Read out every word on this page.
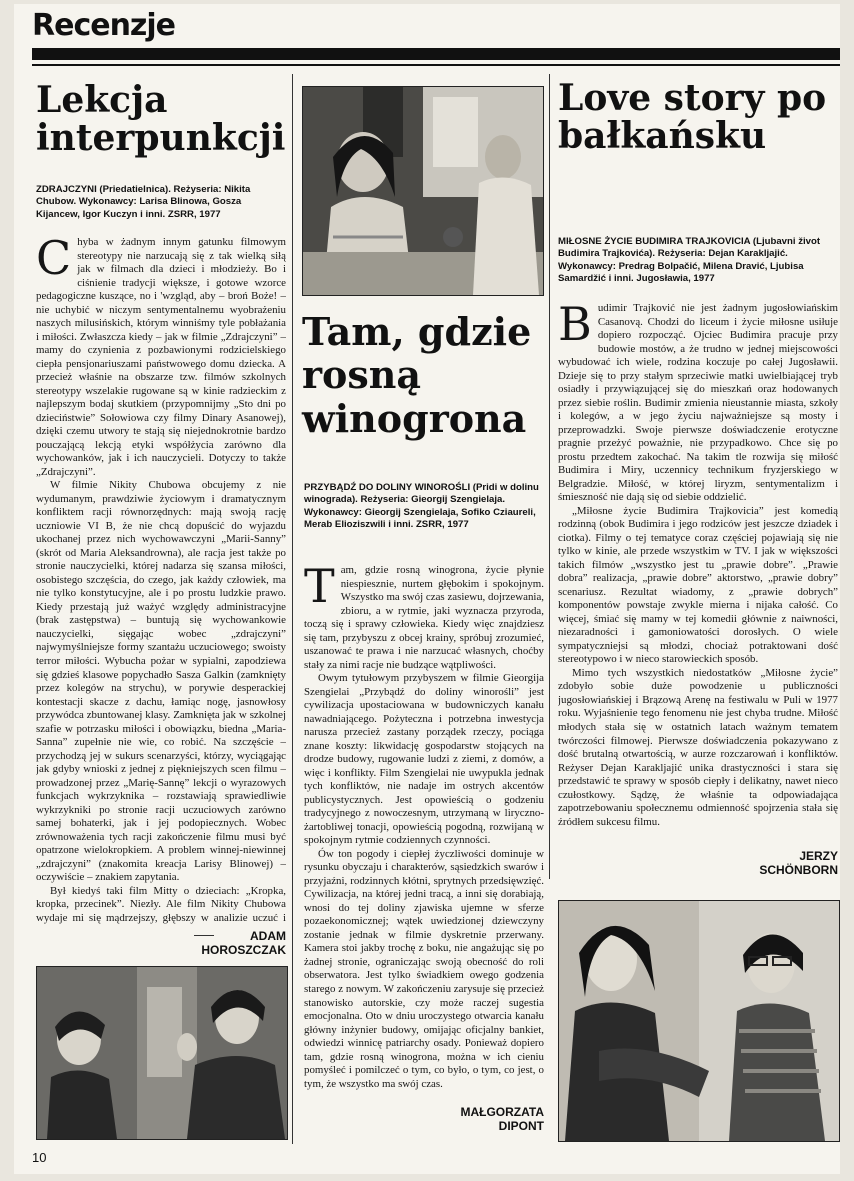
Recenzje
Lekcja interpunkcji

ZDRAJCZYNI (Priedatielnica). Reżyseria: Nikita Chubow. Wykonawcy: Larisa Blinowa, Gosza Kijancew, Igor Kuczyn i inni. ZSRR, 1977

Chyba w żadnym innym gatunku filmowym stereotypy nie narzucają się z tak wielką siłą jak w filmach dla dzieci i młodzieży. Bo i ciśnienie tradycji większe, i gotowe wzorce pedagogiczne kuszące, no i 'wzgląd, aby – broń Boże! – nie uchybić w niczym sentymentalnemu wyobrażeniu naszych milusińskich, którym winniśmy tyle pobłażania i miłości. Zwłaszcza kiedy – jak w filmie „Zdrajczyni” – mamy do czynienia z pozbawionymi rodzicielskiego ciepła pensjonariuszami państwowego domu dziecka. A przecież właśnie na obszarze tzw. filmów szkolnych stereotypy wszelakie rugowane są w kinie radzieckim z najlepszym bodaj skutkiem (przypomnijmy „Sto dni po dzieciństwie” Sołowiowa czy filmy Dinary Asanowej), dzięki czemu utwory te stają się niejednokrotnie bardzo pouczającą lekcją etyki współżycia zarówno dla wychowanków, jak i ich nauczycieli. Dotyczy to także „Zdrajczyni”.

W filmie Nikity Chubowa obcujemy z nie wydumanym, prawdziwie życiowym i dramatycznym konfliktem racji równorzędnych: mają swoją rację uczniowie VI B, że nie chcą dopuścić do wyjazdu ukochanej przez nich wychowawczyni „Marii-Sanny” (skrót od Maria Aleksandrowna), ale racja jest także po stronie nauczycielki, której nadarza się szansa miłości, osobistego szczęścia, do czego, jak każdy człowiek, ma nie tylko konstytucyjne, ale i po prostu ludzkie prawo. Kiedy przestają już ważyć względy administracyjne (brak zastępstwa) – buntują się wychowankowie nauczycielki, sięgając wobec „zdrajczyni” najwymyślniejsze formy szantażu uczuciowego; swoisty terror miłości. Wybucha pożar w sypialni, zapodziewa się gdzieś klasowe popychadło Sasza Galkin (zamknięty przez kolegów na strychu), w porywie desperackiej kontestacji skacze z dachu, łamiąc nogę, jasnowłosy przywódca zbuntowanej klasy. Zamknięta jak w szkolnej szafie w potrzasku miłości i obowiązku, biedna „Maria-Sanna” zupełnie nie wie, co robić. Na szczęście – przychodzą jej w sukurs scenarzyści, którzy, wyciągając jak gdyby wnioski z jednej z piękniejszych scen filmu – prowadzonej przez „Marię-Sannę” lekcji o wyrazowych funkcjach wykrzyknika – rozstawiają sprawiedliwie wykrzykniki po stronie racji uczuciowych zarówno samej bohaterki, jak i jej podopiecznych. Wobec zrównoważenia tych racji zakończenie filmu musi być opatrzone wielokropkiem. A problem winnej-niewinnej „zdrajczyni” (znakomita kreacja Larisy Blinowej) – oczywiście – znakiem zapytania.

Był kiedyś taki film Mitty o dzieciach: „Kropka, kropka, przecinek”. Niezły. Ale film Nikity Chubowa wydaje mi się mądrzejszy, głębszy w analizie uczuć i

ADAM
HOROSZCZAK
Tam, gdzie rosną winogrona

PRZYBĄDŹ DO DOLINY WINOROŚLI (Pridi w dolinu winograda). Reżyseria: Gieorgij Szengielaja. Wykonawcy: Gieorgij Szengielaja, Sofiko Cziaureli, Merab Elioziszwili i inni. ZSRR, 1977

Tam, gdzie rosną winogrona, życie płynie niespiesznie, nurtem głębokim i spokojnym. Wszystko ma swój czas zasiewu, dojrzewania, zbioru, a w rytmie, jaki wyznacza przyroda, toczą się i sprawy człowieka. Kiedy więc znajdziesz się tam, przybyszu z obcej krainy, spróbuj zrozumieć, uszanować te prawa i nie narzucać własnych, choćby stały za nimi racje nie budzące wątpliwości.

Owym tytułowym przybyszem w filmie Gieorgija Szengielai „Przybądź do doliny winorośli” jest cywilizacja upostaciowana w budowniczych kanału nawadniającego. Pożyteczna i potrzebna inwestycja narusza przecież zastany porządek rzeczy, pociąga znane koszty: likwidację gospodarstw stojących na drodze budowy, rugowanie ludzi z ziemi, z domów, a więc i konflikty. Film Szengielai nie uwypukla jednak tych konfliktów, nie nadaje im ostrych akcentów publicystycznych. Jest opowieścią o godzeniu tradycyjnego z nowoczesnym, utrzymaną w liryczno-żartobliwej tonacji, opowieścią pogodną, rozwijaną w spokojnym rytmie codziennych czynności.

Ów ton pogody i ciepłej życzliwości dominuje w rysunku obyczaju i charakterów, sąsiedzkich swarów i przyjaźni, rodzinnych kłótni, sprytnych przedsięwzięć. Cywilizacja, na której jedni tracą, a inni się dorabiają, wnosi do tej doliny zjawiska ujemne w sferze pozaekonomicznej; wątek uwiedzionej dziewczyny zostanie jednak w filmie dyskretnie przerwany. Kamera stoi jakby trochę z boku, nie angażując się po żadnej stronie, ograniczając swoją obecność do roli obserwatora. Jest tylko świadkiem owego godzenia starego z nowym. W zakończeniu zarysuje się przecież stanowisko autorskie, czy może raczej sugestia emocjonalna. Oto w dniu uroczystego otwarcia kanału główny inżynier budowy, omijając oficjalny bankiet, odwiedzi winnicę patriarchy osady. Ponieważ dopiero tam, gdzie rosną winogrona, można w ich cieniu pomyśleć i pomilczeć o tym, co było, o tym, co jest, o tym, że wszystko ma swój czas.

MAŁGORZATA
DIPONT
Love story po bałkańsku

MIŁOSNE ŻYCIE BUDIMIRA TRAJKOVICIA (Ljubavni život Budimira Trajkovića). Reżyseria: Dejan Karakljajić. Wykonawcy: Predrag Bolpačić, Milena Dravić, Ljubisa Samardžić i inni. Jugosławia, 1977

Budimir Trajković nie jest żadnym jugosłowiańskim Casanovą. Chodzi do liceum i życie miłosne usiłuje dopiero rozpocząć. Ojciec Budimira pracuje przy budowie mostów, a że trudno w jednej miejscowości wybudować ich wiele, rodzina koczuje po całej Jugosławii. Dzieje się to przy stałym sprzeciwie matki uwielbiającej tryb osiadły i przywiązującej się do mieszkań oraz hodowanych przez siebie roślin. Budimir zmienia nieustannie miasta, szkoły i kolegów, a w jego życiu najważniejsze są mosty i przeprowadzki. Swoje pierwsze doświadczenie erotyczne pragnie przeżyć poważnie, nie przypadkowo. Chce się po prostu przedtem zakochać. Na takim tle rozwija się miłość Budimira i Miry, uczennicy technikum fryzjerskiego w Belgradzie. Miłość, w której liryzm, sentymentalizm i śmieszność nie dają się od siebie oddzielić.

„Miłosne życie Budimira Trajkovicia” jest komedią rodzinną (obok Budimira i jego rodziców jest jeszcze dziadek i ciotka). Filmy o tej tematyce coraz częściej pojawiają się nie tylko w kinie, ale przede wszystkim w TV. I jak w większości takich filmów „wszystko jest tu „prawie dobre”. „Prawie dobra” realizacja, „prawie dobre” aktorstwo, „prawie dobry” scenariusz. Rezultat wiadomy, z „prawie dobrych” komponentów powstaje zwykle mierna i nijaka całość. Co więcej, śmiać się mamy w tej komedii głównie z naiwności, niezaradności i gamoniowatości dorosłych. O wiele sympatyczniejsi są młodzi, chociaż potraktowani dość stereotypowo i w nieco starowieckich sposób.

Mimo tych wszystkich niedostatków „Miłosne życie” zdobyło sobie duże powodzenie u publiczności jugosłowiańskiej i Brązową Arenę na festiwalu w Puli w 1977 roku. Wyjaśnienie tego fenomenu nie jest chyba trudne. Miłość młodych stała się w ostatnich latach ważnym tematem twórczości filmowej. Pierwsze doświadczenia pokazywano z dość brutalną otwartością, w aurze rozczarowań i konfliktów. Reżyser Dejan Karakljajić unika drastyczności i stara się przedstawić te sprawy w sposób ciepły i delikatny, nawet nieco czułostkowy. Sądzę, że właśnie ta odpowiadająca zapotrzebowaniu społecznemu odmienność spojrzenia stała się źródłem sukcesu filmu.

JERZY
SCHÖNBORN
10
